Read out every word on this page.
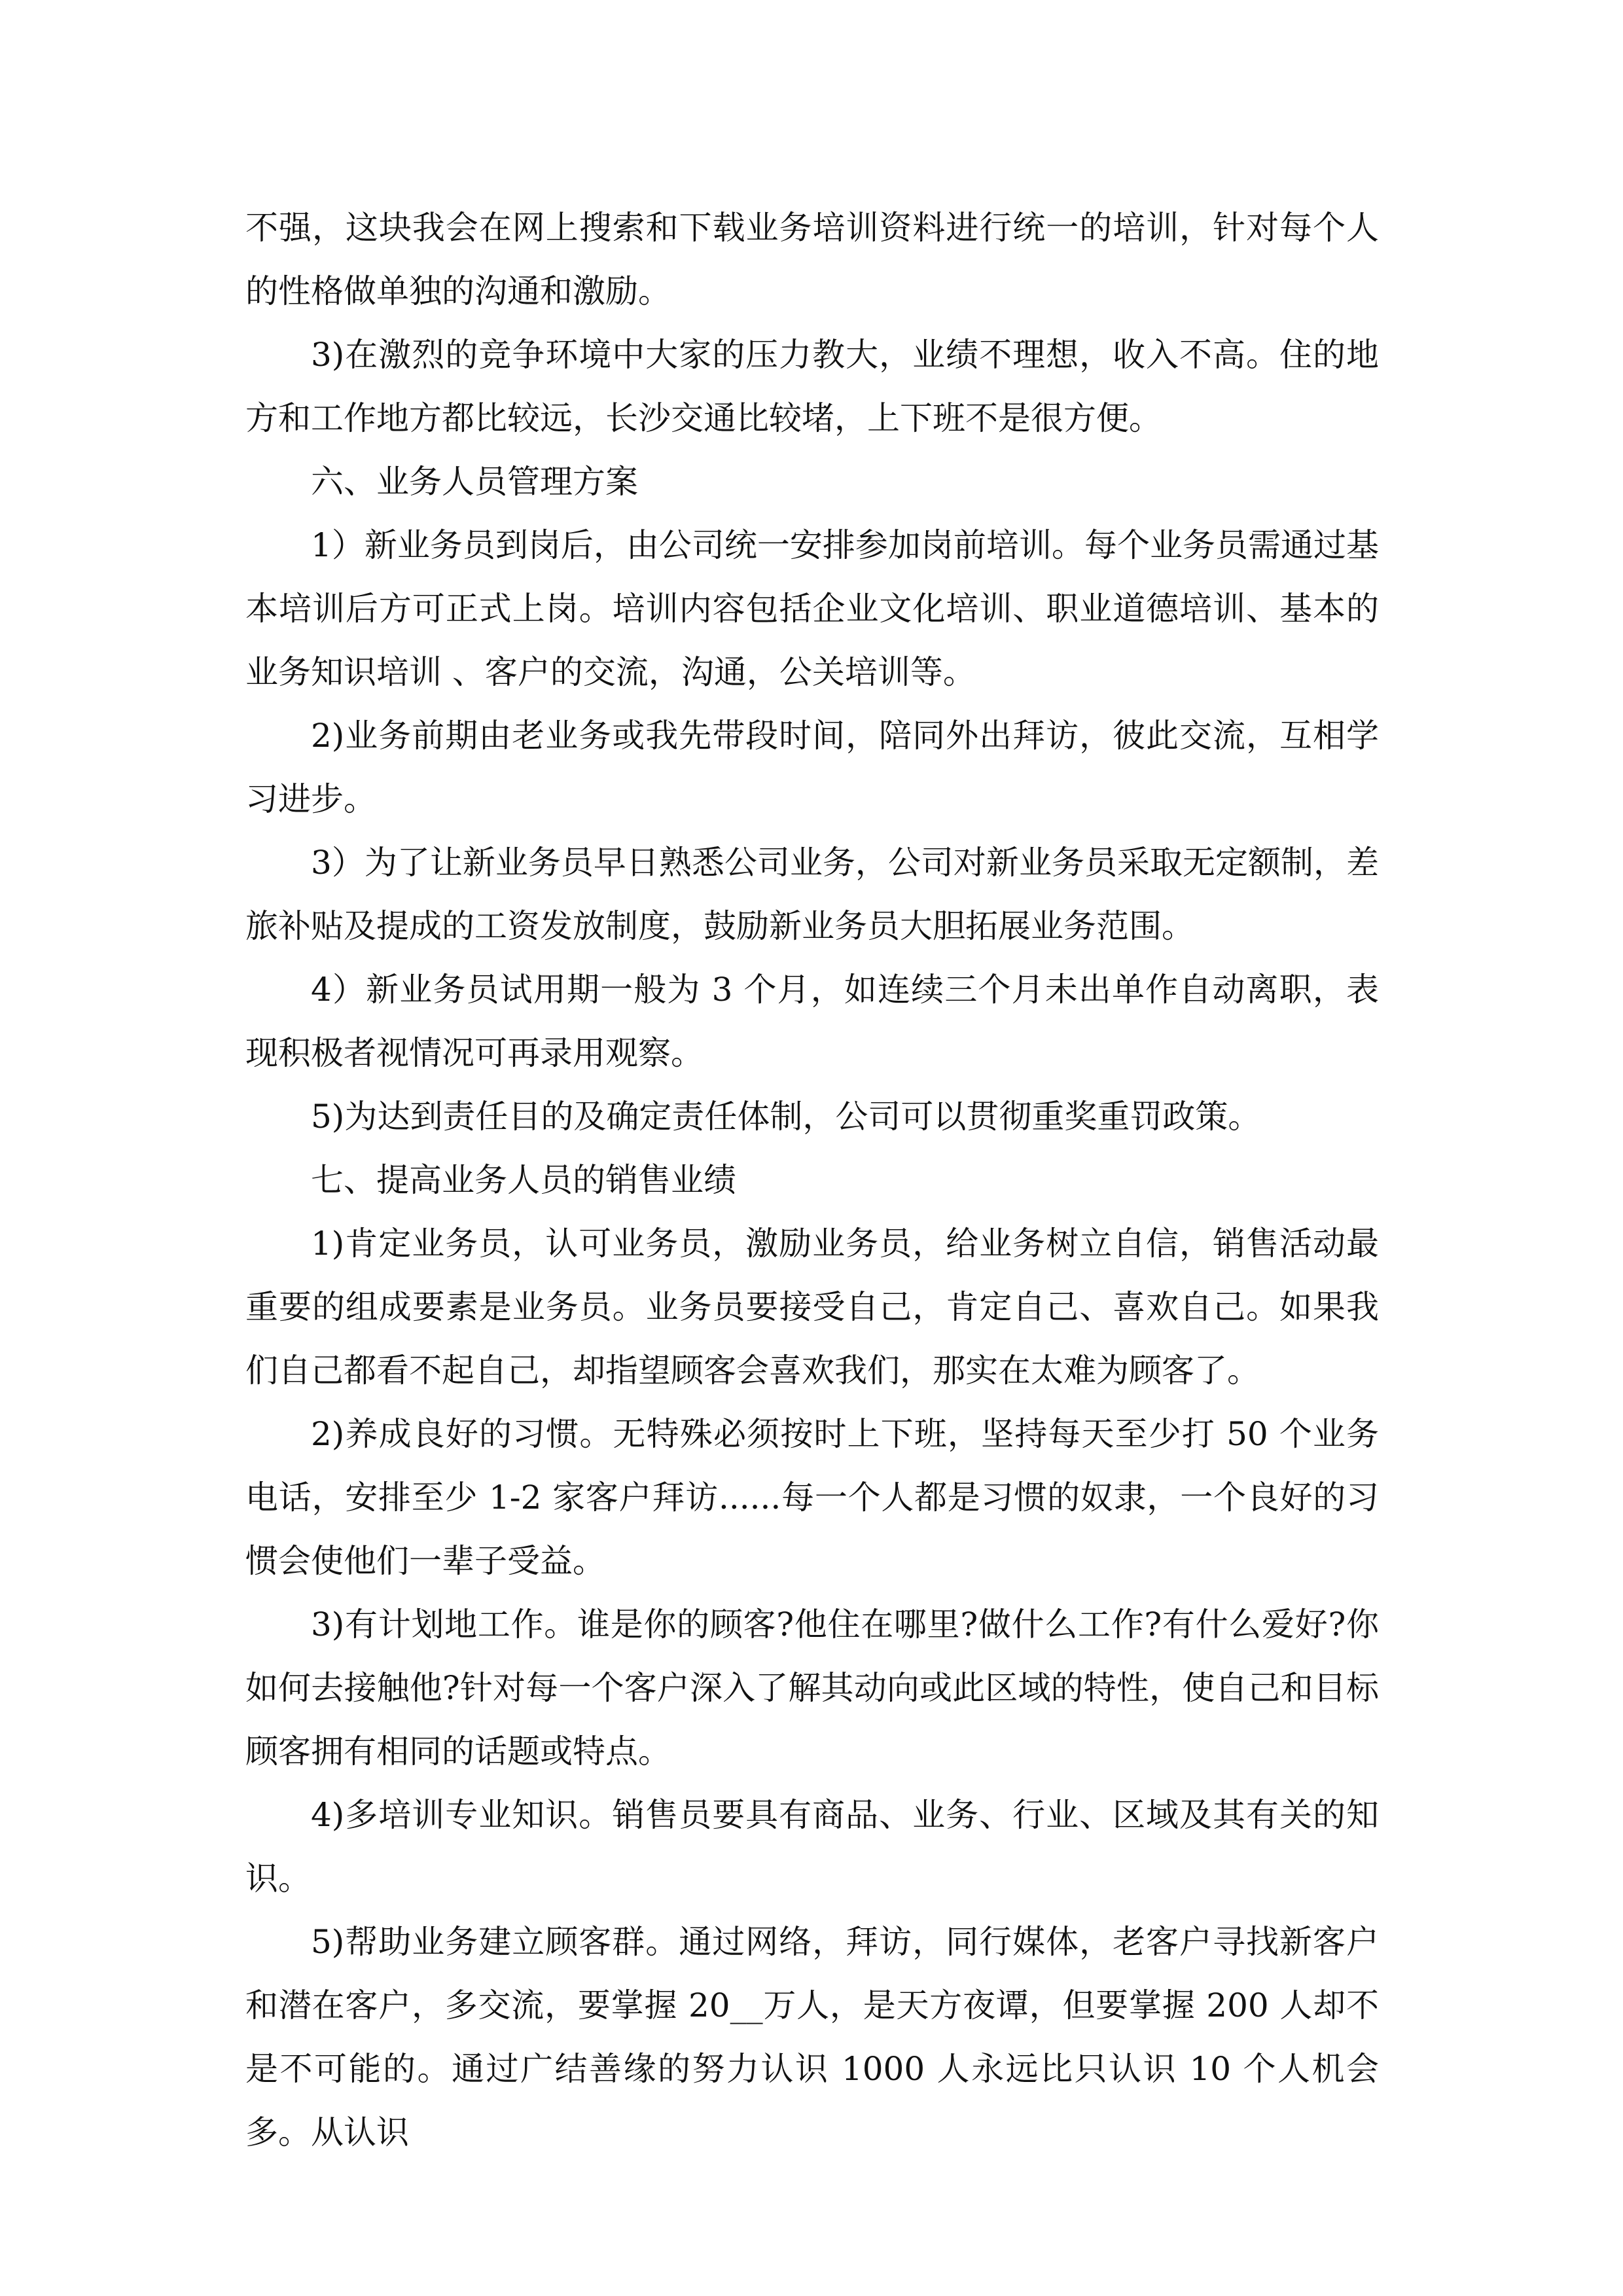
不强，这块我会在网上搜索和下载业务培训资料进行统一的培训，针对每个人的性格做单独的沟通和激励。

3)在激烈的竞争环境中大家的压力教大，业绩不理想，收入不高。住的地方和工作地方都比较远，长沙交通比较堵，上下班不是很方便。

六、业务人员管理方案

1）新业务员到岗后，由公司统一安排参加岗前培训。每个业务员需通过基本培训后方可正式上岗。培训内容包括企业文化培训、职业道德培训、基本的业务知识培训 、客户的交流，沟通，公关培训等。

2)业务前期由老业务或我先带段时间，陪同外出拜访，彼此交流，互相学习进步。

3）为了让新业务员早日熟悉公司业务，公司对新业务员采取无定额制，差旅补贴及提成的工资发放制度，鼓励新业务员大胆拓展业务范围。

4）新业务员试用期一般为 3 个月，如连续三个月未出单作自动离职，表现积极者视情况可再录用观察。

5)为达到责任目的及确定责任体制，公司可以贯彻重奖重罚政策。

七、提高业务人员的销售业绩

1)肯定业务员，认可业务员，激励业务员，给业务树立自信，销售活动最重要的组成要素是业务员。业务员要接受自己，肯定自己、喜欢自己。如果我们自己都看不起自己，却指望顾客会喜欢我们，那实在太难为顾客了。

2)养成良好的习惯。无特殊必须按时上下班，坚持每天至少打 50 个业务电话，安排至少 1-2 家客户拜访......每一个人都是习惯的奴隶，一个良好的习惯会使他们一辈子受益。

3)有计划地工作。谁是你的顾客?他住在哪里?做什么工作?有什么爱好?你如何去接触他?针对每一个客户深入了解其动向或此区域的特性，使自己和目标顾客拥有相同的话题或特点。

4)多培训专业知识。销售员要具有商品、业务、行业、区域及其有关的知识。

5)帮助业务建立顾客群。通过网络，拜访，同行媒体，老客户寻找新客户和潜在客户，多交流，要掌握 20__万人，是天方夜谭，但要掌握 200 人却不是不可能的。通过广结善缘的努力认识 1000 人永远比只认识 10 个人机会多。从认识
